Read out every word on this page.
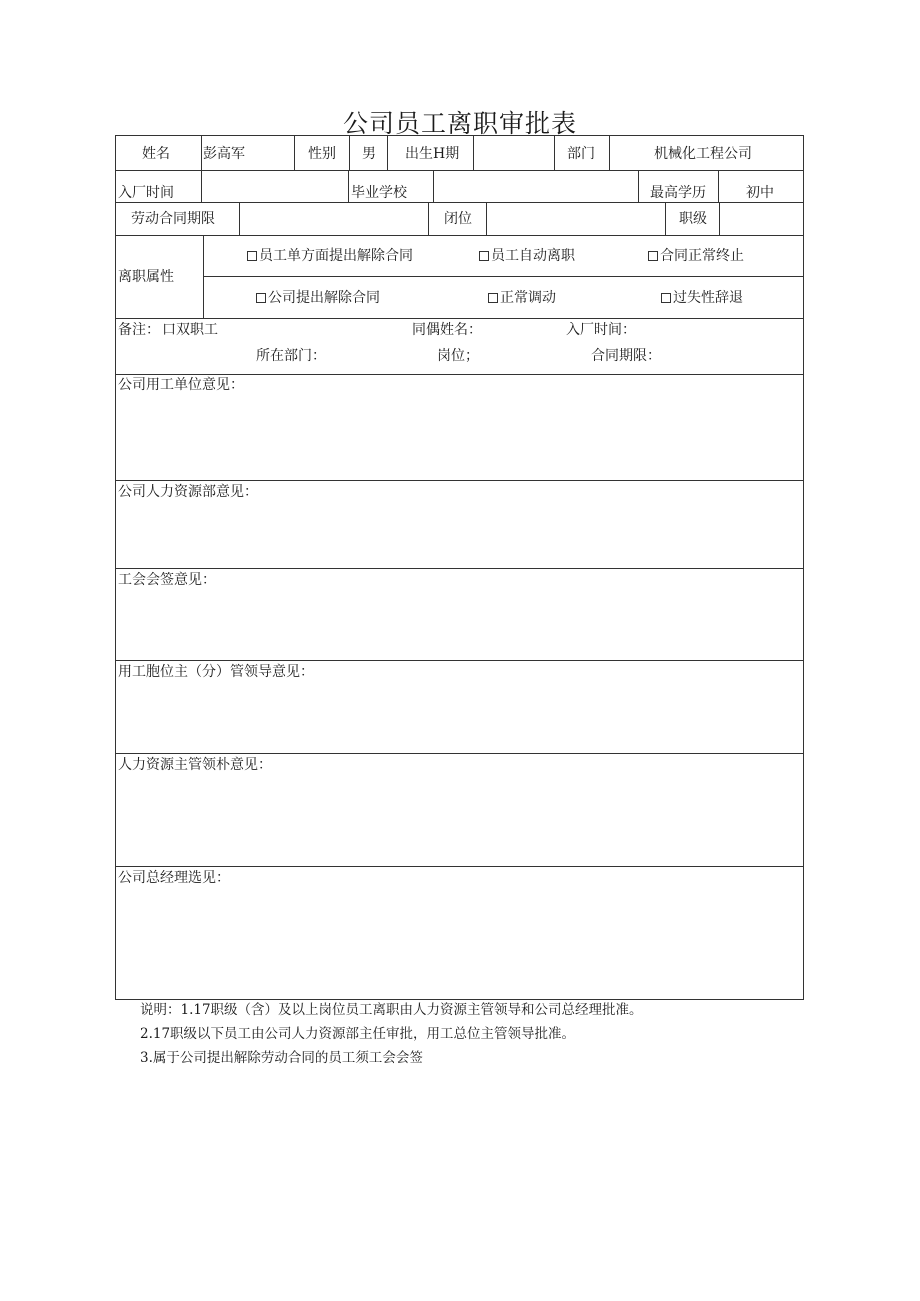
公司员工离职审批表
姓名 彭高军	性别 男 出生H期	部门	机械化工程公司
入厂时间	毕业学校	最高学历	初中
劳动合同期限	闭位	职级
离职属性
员工单方面提出解除合同	员工自动离职	合同正常终止
公司提出解除合同	正常调动	过失性辞退
备注： 口双职工	同偶姓名：	入厂时间：
所在部门：	岗位；	合同期限：
公司用工单位意见：
公司人力资源部意见：
工会会签意见：
用工胞位主（分）管领导意见：
人力资源主管领朴意见：
公司总经理选见：
说明：1.17职级（含）及以上岗位员工离职由人力资源主管领导和公司总经理批准。
2.17职级以下员工由公司人力资源部主任审批，用工总位主管领导批准。
3.属于公司提出解除劳动合同的员工须工会会签
